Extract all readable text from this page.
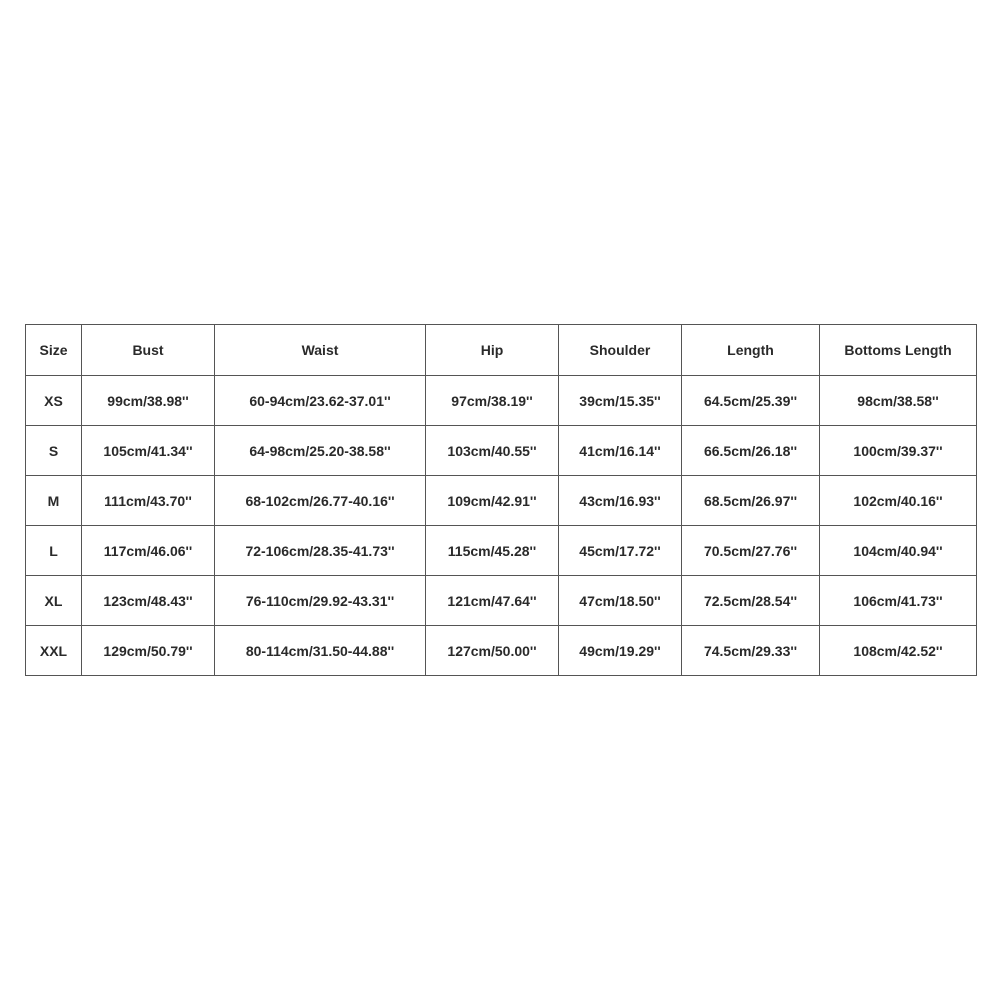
Size	Bust	Waist	Hip	Shoulder	Length	Bottoms Length
XS	99cm/38.98''	60-94cm/23.62-37.01''	97cm/38.19''	39cm/15.35''	64.5cm/25.39''	98cm/38.58''
S	105cm/41.34''	64-98cm/25.20-38.58''	103cm/40.55''	41cm/16.14''	66.5cm/26.18''	100cm/39.37''
M	111cm/43.70''	68-102cm/26.77-40.16''	109cm/42.91''	43cm/16.93''	68.5cm/26.97''	102cm/40.16''
L	117cm/46.06''	72-106cm/28.35-41.73''	115cm/45.28''	45cm/17.72''	70.5cm/27.76''	104cm/40.94''
XL	123cm/48.43''	76-110cm/29.92-43.31''	121cm/47.64''	47cm/18.50''	72.5cm/28.54''	106cm/41.73''
XXL	129cm/50.79''	80-114cm/31.50-44.88''	127cm/50.00''	49cm/19.29''	74.5cm/29.33''	108cm/42.52''
